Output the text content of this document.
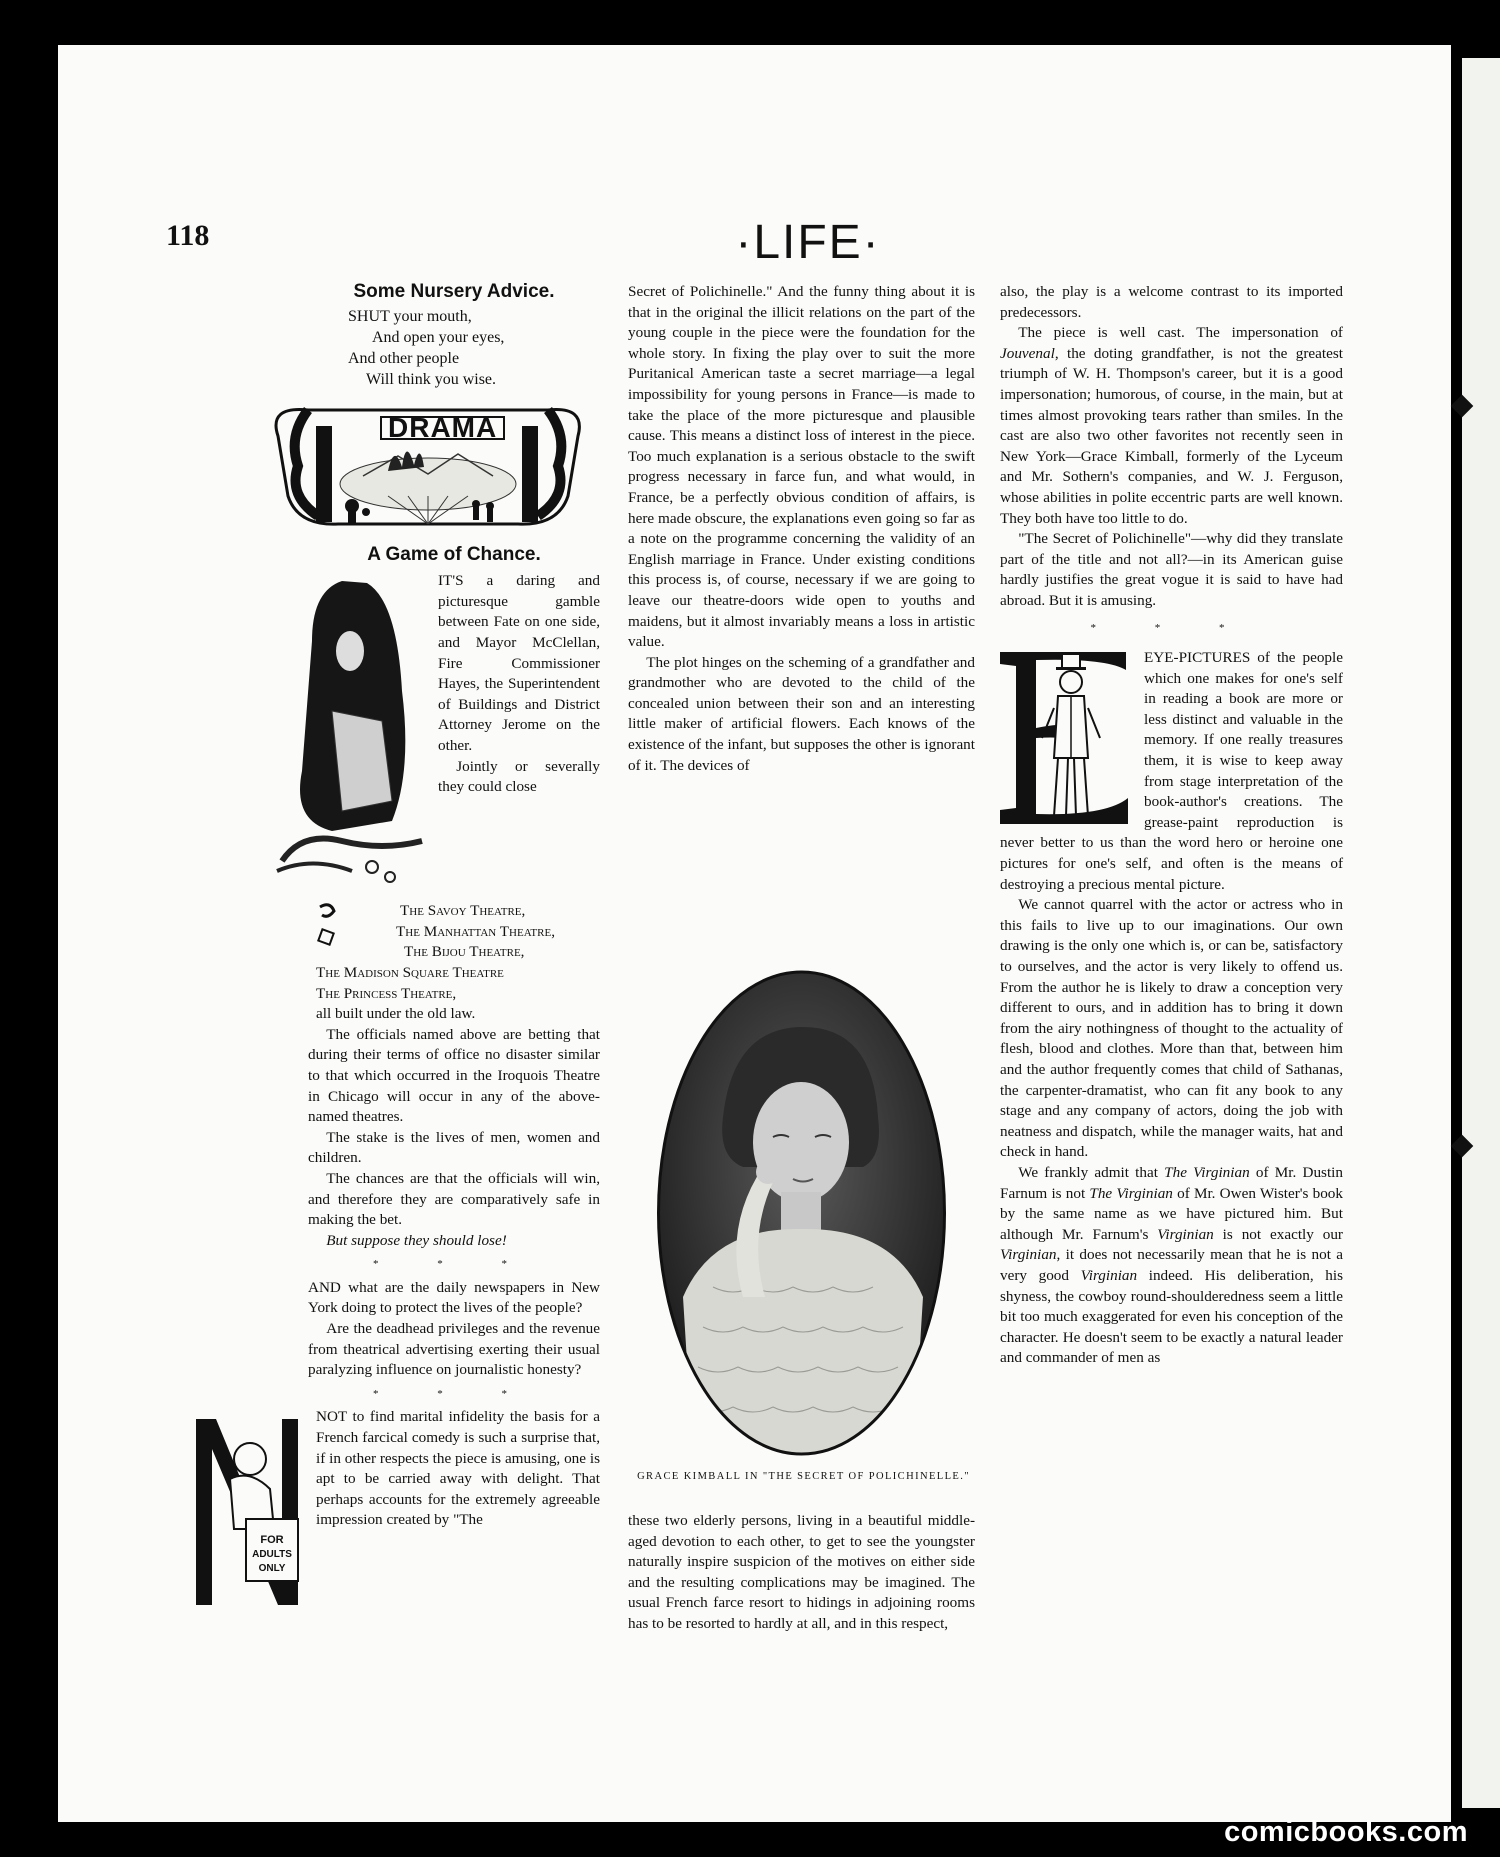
118	·LIFE·
Some Nursery Advice.
SHUT your mouth,
And open your eyes,
And other people
Will think you wise.
DRAMA
A Game of Chance.

IT'S a daring and picturesque gamble between Fate on one side, and Mayor McClellan, Fire Commissioner Hayes, the Superintendent of Buildings and District Attorney Jerome on the other.

Jointly or severally they could close

The Savoy Theatre,
The Manhattan Theatre,
The Bijou Theatre,
The Madison Square Theatre
The Princess Theatre,

all built under the old law.

The officials named above are betting that during their terms of office no disaster similar to that which occurred in the Iroquois Theatre in Chicago will occur in any of the above-named theatres.

The stake is the lives of men, women and children.

The chances are that the officials will win, and therefore they are comparatively safe in making the bet.

But suppose they should lose!

* * *

AND what are the daily newspapers in New York doing to protect the lives of the people?

Are the deadhead privileges and the revenue from theatrical advertising exerting their usual paralyzing influence on journalistic honesty?

* * *
FOR
ADULTS
ONLY

NOT to find marital infidelity the basis for a French farcical comedy is such a surprise that, if in other respects the piece is amusing, one is apt to be carried away with delight. That perhaps accounts for the extremely agreeable impression created by "The

Secret of Polichinelle." And the funny thing about it is that in the original the illicit relations on the part of the young couple in the piece were the foundation for the whole story. In fixing the play over to suit the more Puritanical American taste a secret marriage—a legal impossibility for young persons in France—is made to take the place of the more picturesque and plausible cause. This means a distinct loss of interest in the piece. Too much explanation is a serious obstacle to the swift progress necessary in farce fun, and what would, in France, be a perfectly obvious condition of affairs, is here made obscure, the explanations even going so far as a note on the programme concerning the validity of an English marriage in France. Under existing conditions this process is, of course, necessary if we are going to leave our theatre-doors wide open to youths and maidens, but it almost invariably means a loss in artistic value.

The plot hinges on the scheming of a grandfather and grandmother who are devoted to the child of the concealed union between their son and an interesting little maker of artificial flowers. Each knows of the existence of the infant, but supposes the other is ignorant of it. The devices of

GRACE KIMBALL IN "THE SECRET OF POLICHINELLE."

these two elderly persons, living in a beautiful middle-aged devotion to each other, to get to see the youngster naturally inspire suspicion of the motives on either side and the resulting complications may be imagined. The usual French farce resort to hidings in adjoining rooms has to be resorted to hardly at all, and in this respect,

also, the play is a welcome contrast to its imported predecessors.

The piece is well cast. The impersonation of Jouvenal, the doting grandfather, is not the greatest triumph of W. H. Thompson's career, but it is a good impersonation; humorous, of course, in the main, but at times almost provoking tears rather than smiles. In the cast are also two other favorites not recently seen in New York—Grace Kimball, formerly of the Lyceum and Mr. Sothern's companies, and W. J. Ferguson, whose abilities in polite eccentric parts are well known. They both have too little to do.

"The Secret of Polichinelle"—why did they translate part of the title and not all?—in its American guise hardly justifies the great vogue it is said to have had abroad. But it is amusing.

* * *

EYE-PICTURES of the people which one makes for one's self in reading a book are more or less distinct and valuable in the memory. If one really treasures them, it is wise to keep away from stage interpretation of the book-author's creations. The grease-paint reproduction is never better to us than the word hero or heroine one pictures for one's self, and often is the means of destroying a precious mental picture.

We cannot quarrel with the actor or actress who in this fails to live up to our imaginations. Our own drawing is the only one which is, or can be, satisfactory to ourselves, and the actor is very likely to offend us. From the author he is likely to draw a conception very different to ours, and in addition has to bring it down from the airy nothingness of thought to the actuality of flesh, blood and clothes. More than that, between him and the author frequently comes that child of Sathanas, the carpenter-dramatist, who can fit any book to any stage and any company of actors, doing the job with neatness and dispatch, while the manager waits, hat and check in hand.

We frankly admit that The Virginian of Mr. Dustin Farnum is not The Virginian of Mr. Owen Wister's book by the same name as we have pictured him. But although Mr. Farnum's Virginian is not exactly our Virginian, it does not necessarily mean that he is not a very good Virginian indeed. His deliberation, his shyness, the cowboy round-shoulderedness seem a little bit too much exaggerated for even his conception of the character. He doesn't seem to be exactly a natural leader and commander of men as

comicbooks.com
